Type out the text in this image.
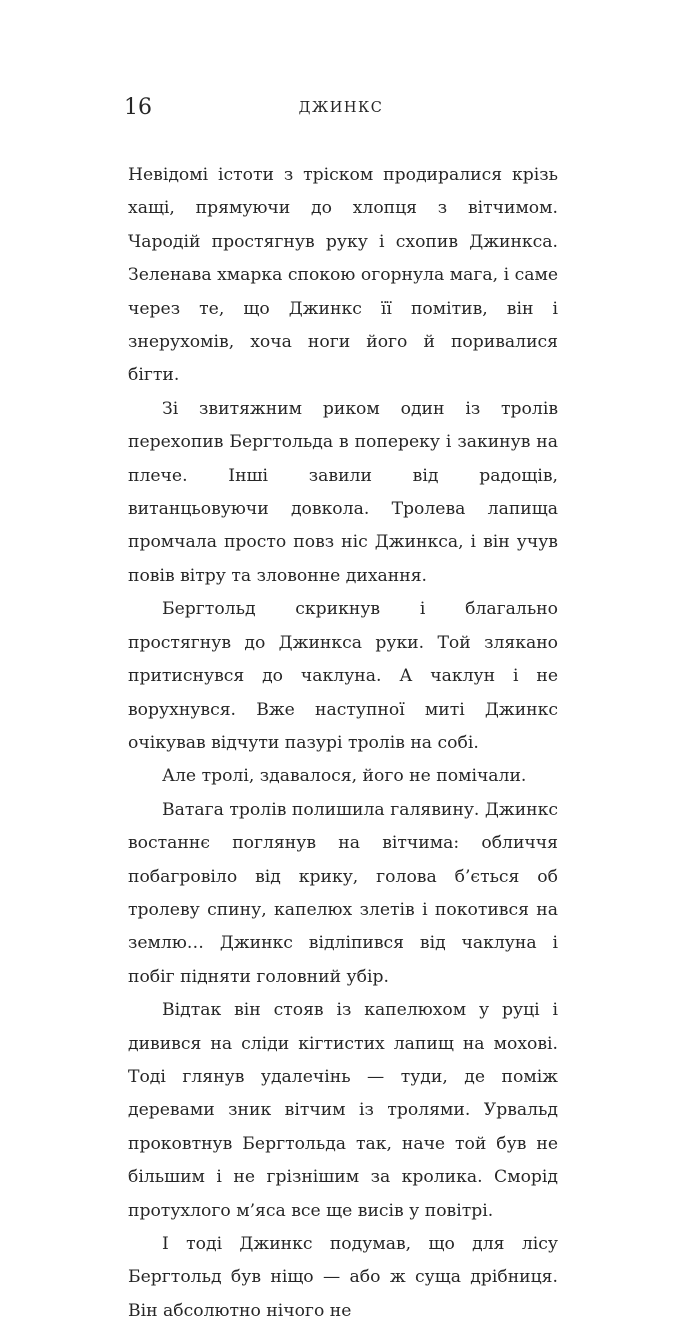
16	ДЖИНКС

Невідомі істоти з тріском продиралися крізь хащі, прямуючи до хлопця з вітчимом. Чародій простягнув руку і схопив Джинкса. Зеленава хмарка спокою огорнула мага, і саме через те, що Джинкс її помітив, він і знерухомів, хоча ноги його й поривалися бігти.

Зі звитяжним риком один із тролів перехопив Бергтольда в попереку і закинув на плече. Інші завили від радощів, витанцьовуючи довкола. Тролева лапища промчала просто повз ніс Джинкса, і він учув повів вітру та зловонне дихання.

Бергтольд скрикнув і благально простягнув до Джинкса руки. Той злякано притиснувся до чаклуна. А чаклун і не ворухнувся. Вже наступної миті Джинкс очікував відчути пазурі тролів на собі.

Але тролі, здавалося, його не помічали.

Ватага тролів полишила галявину. Джинкс востаннє поглянув на вітчима: обличчя побагровіло від крику, голова б’ється об тролеву спину, капелюх злетів і покотився на землю… Джинкс відліпився від чаклуна і побіг підняти головний убір.

Відтак він стояв із капелюхом у руці і дивився на сліди кігтистих лапищ на мохові. Тоді глянув удалечінь — туди, де поміж деревами зник вітчим із тролями. Урвальд проковтнув Бергтольда так, наче той був не більшим і не грізнішим за кролика. Сморід протухлого м’яса все ще висів у повітрі.

І тоді Джинкс подумав, що для лісу Бергтольд був ніщо — або ж суща дрібниця. Він абсолютно нічого не
